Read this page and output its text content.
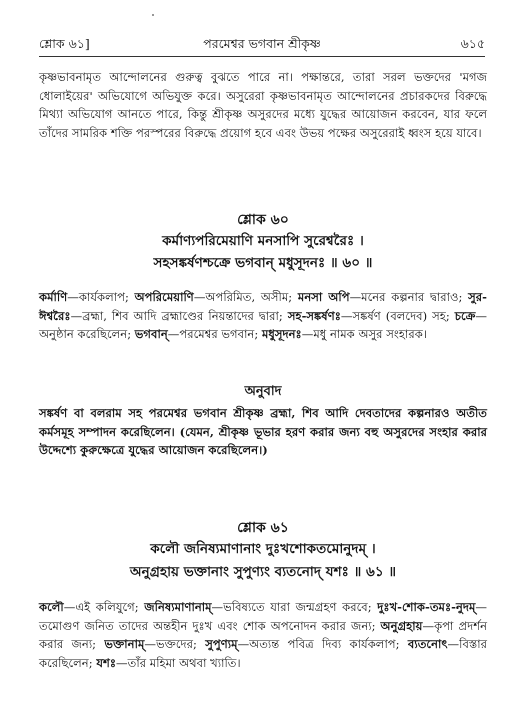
শ্লোক ৬১]	পরমেশ্বর ভগবান শ্রীকৃষ্ণ	৬১৫

কৃষ্ণভাবনামৃত আন্দোলনের গুরুত্ব বুঝতে পারে না। পক্ষান্তরে, তারা সরল ভক্তদের 'মগজ ধোলাইয়ের' অভিযোগে অভিযুক্ত করে। অসুরেরা কৃষ্ণভাবনামৃত আন্দোলনের প্রচারকদের বিরুদ্ধে মিথ্যা অভিযোগ আনতে পারে, কিন্তু শ্রীকৃষ্ণ অসুরদের মধ্যে যুদ্ধের আয়োজন করবেন, যার ফলে তাঁদের সামরিক শক্তি পরস্পরের বিরুদ্ধে প্রয়োগ হবে এবং উভয় পক্ষের অসুরেরাই ধ্বংস হয়ে যাবে।

শ্লোক ৬০
কর্মাণ্যপরিমেয়াণি মনসাপি সুরেশ্বরৈঃ ।
সহসঙ্কর্ষণশ্চক্রে ভগবান্ মধুসূদনঃ ॥ ৬০ ॥

কর্মাণি—কার্যকলাপ; অপরিমেয়াণি—অপরিমিত, অসীম; মনসা অপি—মনের কল্পনার দ্বারাও; সুর-ঈশ্বরৈঃ—ব্রহ্মা, শিব আদি ব্রহ্মাণ্ডের নিয়ন্তাদের দ্বারা; সহ-সঙ্কর্ষণঃ—সঙ্কর্ষণ (বলদেব) সহ; চক্রে—অনুষ্ঠান করেছিলেন; ভগবান্—পরমেশ্বর ভগবান; মধুসূদনঃ—মধু নামক অসুর সংহারক।

অনুবাদ

সঙ্কর্ষণ বা বলরাম সহ পরমেশ্বর ভগবান শ্রীকৃষ্ণ ব্রহ্মা, শিব আদি দেবতাদের কল্পনারও অতীত কর্মসমূহ সম্পাদন করেছিলেন। (যেমন, শ্রীকৃষ্ণ ভূভার হরণ করার জন্য বহু অসুরদের সংহার করার উদ্দেশ্যে কুরুক্ষেত্রে যুদ্ধের আয়োজন করেছিলেন।)

শ্লোক ৬১
কলৌ জনিষ্যমাণানাং দুঃখশোকতমোনুদম্ ।
অনুগ্রহায় ভক্তানাং সুপুণ্যং ব্যতনোদ্ যশঃ ॥ ৬১ ॥

কলৌ—এই কলিযুগে; জনিষ্যমাণানাম্—ভবিষ্যতে যারা জন্মগ্রহণ করবে; দুঃখ-শোক-তমঃ-নুদম্—তমোগুণ জনিত তাদের অন্তহীন দুঃখ এবং শোক অপনোদন করার জন্য; অনুগ্রহায়—কৃপা প্রদর্শন করার জন্য; ভক্তানাম্—ভক্তদের; সুপুণ্যম্—অত্যন্ত পবিত্র দিব্য কার্যকলাপ; ব্যতনোৎ—বিস্তার করেছিলেন; যশঃ—তাঁর মহিমা অথবা খ্যাতি।
